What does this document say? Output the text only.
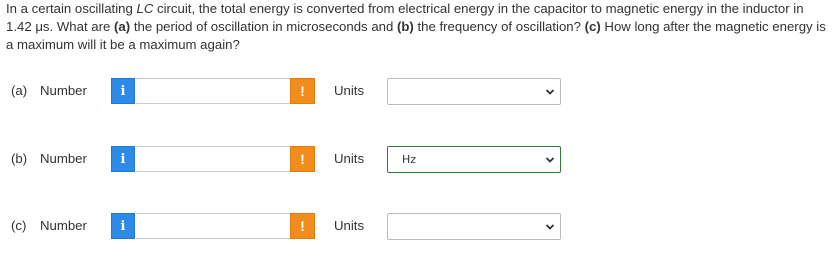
In a certain oscillating LC circuit, the total energy is converted from electrical energy in the capacitor to magnetic energy in the inductor in 1.42 μs. What are (a) the period of oscillation in microseconds and (b) the frequency of oscillation? (c) How long after the magnetic energy is a maximum will it be a maximum again?
(a) Number	i	! Units
(b) Number	i	! Units	Hz
(c) Number	i	! Units
